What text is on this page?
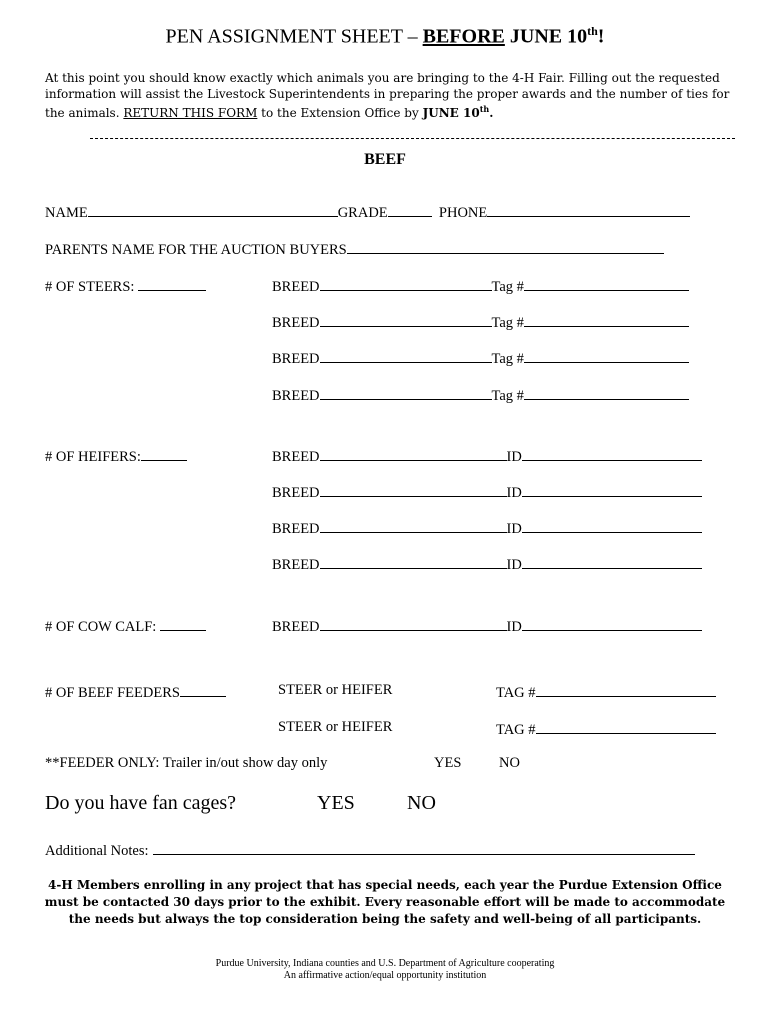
PEN ASSIGNMENT SHEET – BEFORE JUNE 10th!
At this point you should know exactly which animals you are bringing to the 4-H Fair. Filling out the requested information will assist the Livestock Superintendents in preparing the proper awards and the number of ties for the animals. RETURN THIS FORM to the Extension Office by JUNE 10th.
BEEF
NAME	GRADE	PHONE
PARENTS NAME FOR THE AUCTION BUYERS
# OF STEERS:	BREED	Tag #
BREED	Tag #
BREED	Tag #
BREED	Tag #
# OF HEIFERS:	BREED	ID
BREED	ID
BREED	ID
BREED	ID
# OF COW CALF:	BREED	ID
# OF BEEF FEEDERS	STEER or HEIFER	TAG #
STEER or HEIFER	TAG #
**FEEDER ONLY: Trailer in/out show day only	YES	NO
Do you have fan cages?	YES	NO
Additional Notes:
4-H Members enrolling in any project that has special needs, each year the Purdue Extension Office must be contacted 30 days prior to the exhibit. Every reasonable effort will be made to accommodate the needs but always the top consideration being the safety and well-being of all participants.
Purdue University, Indiana counties and U.S. Department of Agriculture cooperating
An affirmative action/equal opportunity institution
